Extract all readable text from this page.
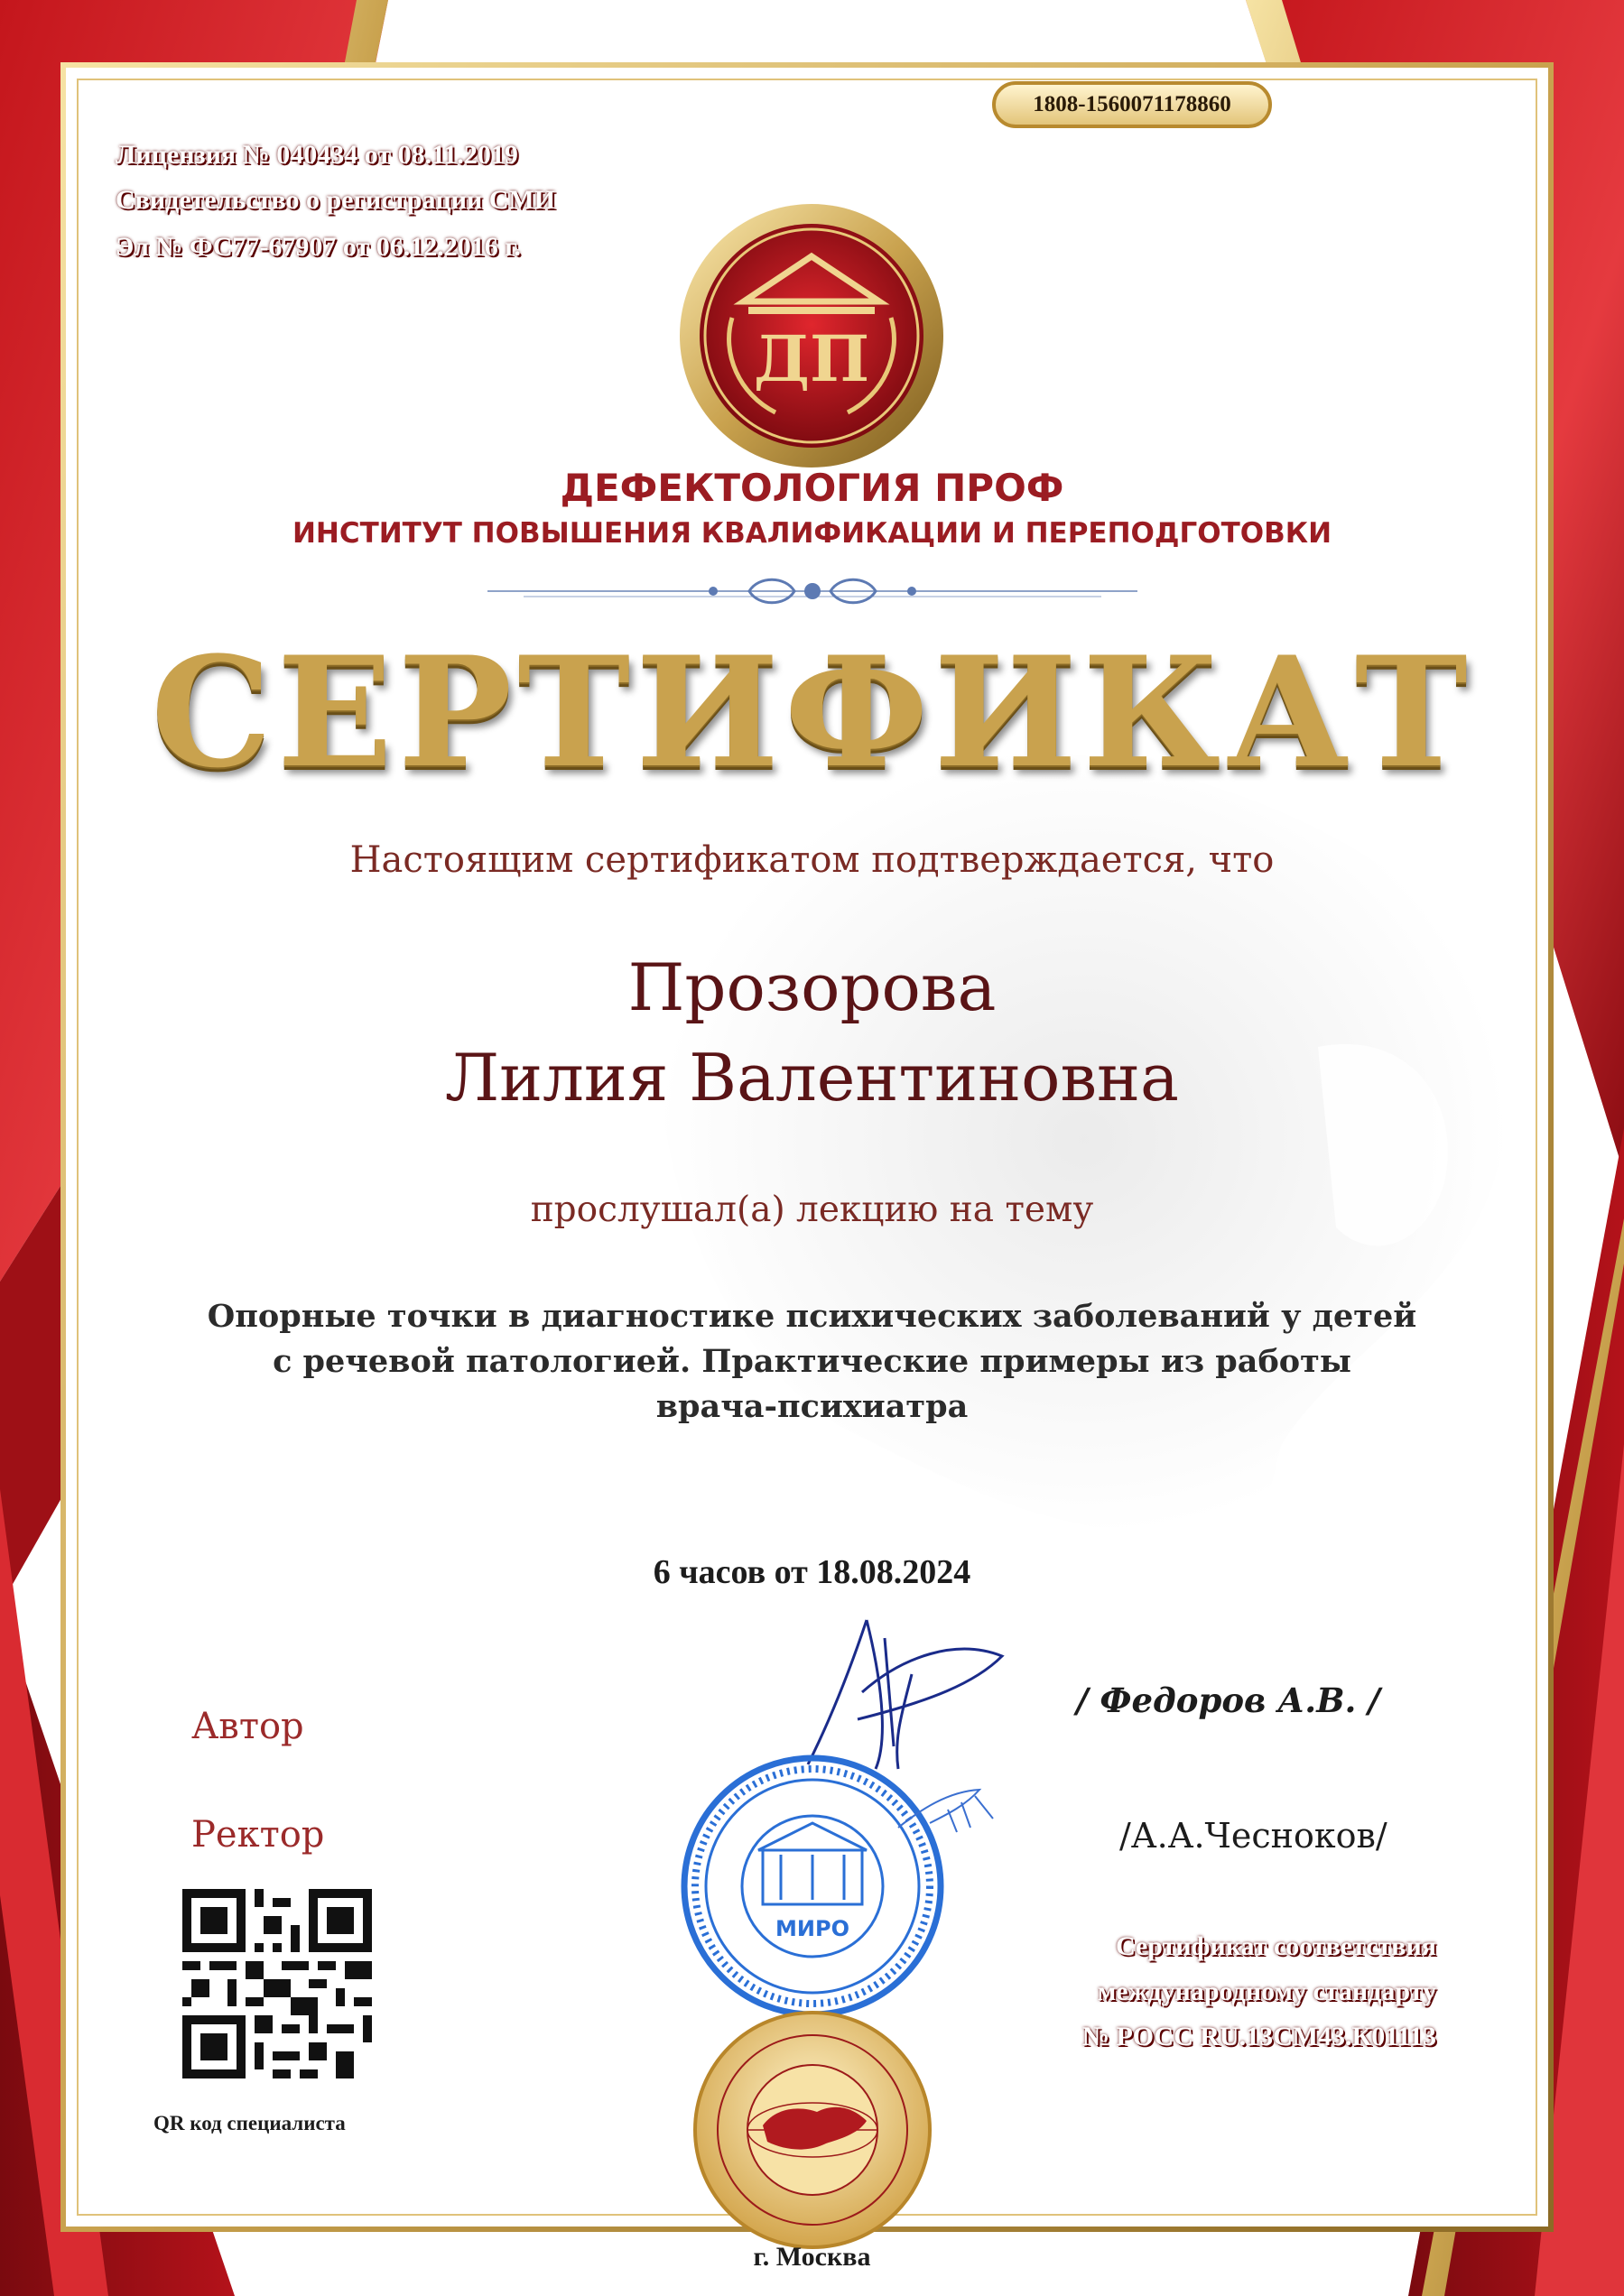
1808-1560071178860
Лицензия № 040434 от 08.11.2019
Свидетельство о регистрации СМИ
Эл № ФС77-67907 от 06.12.2016 г.
ДП
ДЕФЕКТОЛОГИЯ ПРОФ
ИНСТИТУТ ПОВЫШЕНИЯ КВАЛИФИКАЦИИ И ПЕРЕПОДГОТОВКИ
СЕРТИФИКАТ
Настоящим сертификатом подтверждается, что
Прозорова
Лилия Валентиновна
прослушал(а) лекцию на тему
Опорные точки в диагностике психических заболеваний у детей
с речевой патологией. Практические примеры из работы
врача-психиатра
6 часов от 18.08.2024
Автор
/ Федоров А.В. /
Ректор	/А.А.Чесноков/
МИРО
Сертификат соответствия
международному стандарту
№ РОСС RU.13СМ43.К01113
QR код специалиста
г. Москва
